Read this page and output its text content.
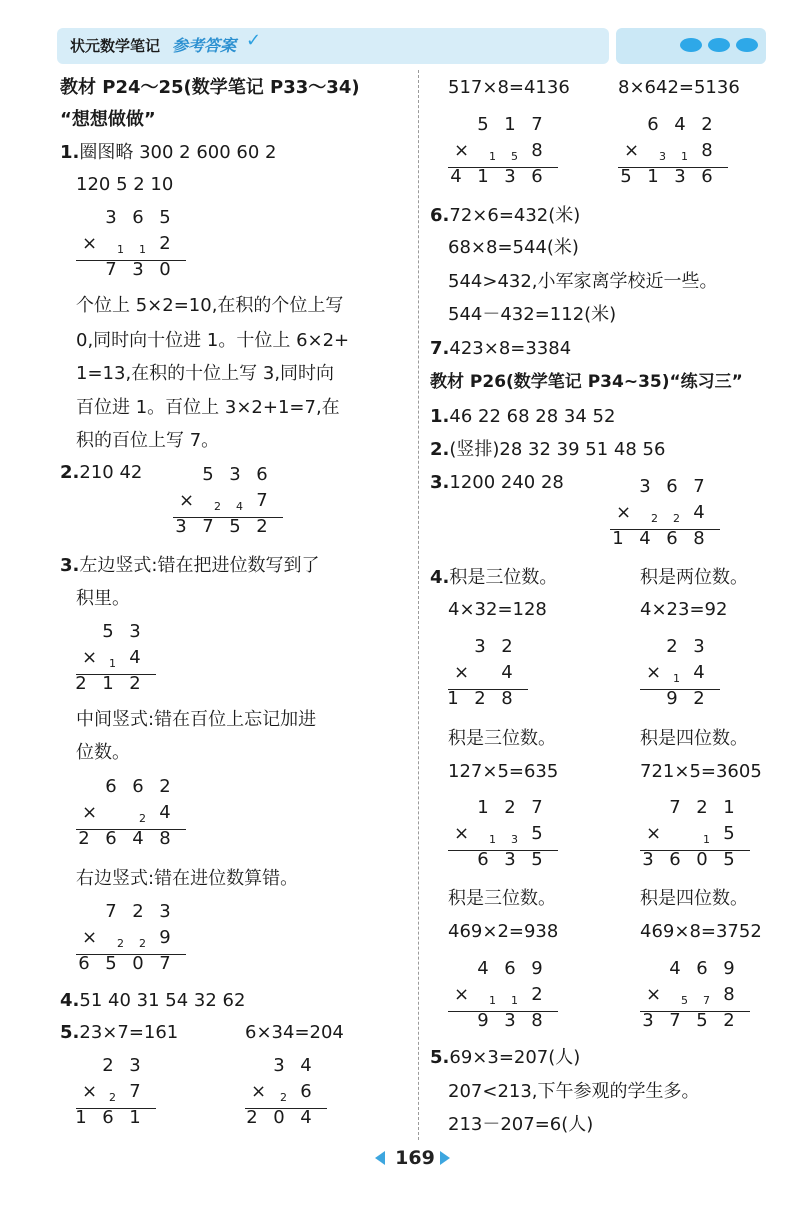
状元数学笔记 参考答案 ✓
教材 P24～25(数学笔记 P33～34)
“想想做做”
1.圈图略 300 2 600 60 2
120 5 2 10
3 6 5
× 1 1 2
7 3 0
个位上 5×2=10,在积的个位上写
0,同时向十位进 1。十位上 6×2+
1=13,在积的十位上写 3,同时向
百位进 1。百位上 3×2+1=7,在
积的百位上写 7。
2.210 42	5 3 6
× 2 4 7
3 7 5 2
3.左边竖式:错在把进位数写到了
积里。
5 3
× 1 4
2 1 2
中间竖式:错在百位上忘记加进
位数。
6 6 2
×	2 4
2 6 4 8
右边竖式:错在进位数算错。
7 2 3
× 2 2 9
6 5 0 7
4.51 40 31 54 32 62
5.23×7=161	6×34=204
2 3
× 2 7
1 6 1
3 4
× 2 6
2 0 4
517×8=4136	8×642=5136
5 1 7
× 1 5 8
4 1 3 6
6 4 2
× 3 1 8
5 1 3 6
6.72×6=432(米)
68×8=544(米)
544>432,小军家离学校近一些。
544－432=112(米)
7.423×8=3384
教材 P26(数学笔记 P34~35)“练习三”
1.46 22 68 28 34 52
2.(竖排)28 32 39 51 48 56
3.1200 240 28	3 6 7
× 2 2 4
1 4 6 8
4.积是三位数。	积是两位数。
4×32=128	4×23=92
3 2
× 4
1 2 8
2 3
× 1 4
9 2
积是三位数。	积是四位数。
127×5=635	721×5=3605
1 2 7
× 1 3 5
6 3 5
7 2 1
×	1 5
3 6 0 5
积是三位数。	积是四位数。
469×2=938	469×8=3752
4 6 9
× 1 1 2
9 3 8
4 6 9
× 5 7 8
3 7 5 2
5.69×3=207(人)
207<213,下午参观的学生多。
213－207=6(人)
169
